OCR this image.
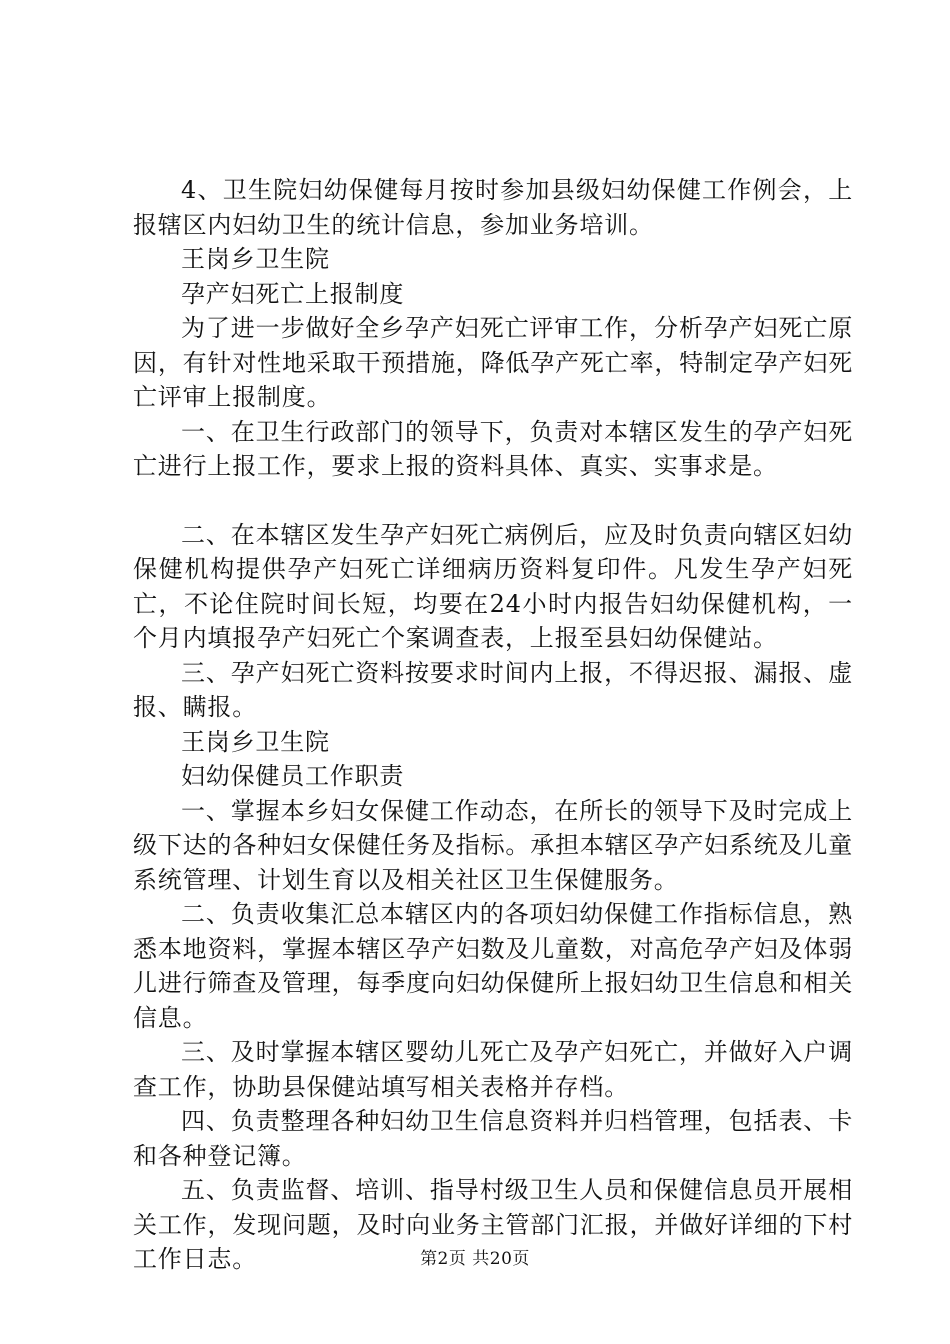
4、卫生院妇幼保健每月按时参加县级妇幼保健工作例会，上报辖区内妇幼卫生的统计信息，参加业务培训。

王岗乡卫生院

孕产妇死亡上报制度

为了进一步做好全乡孕产妇死亡评审工作，分析孕产妇死亡原因，有针对性地采取干预措施，降低孕产死亡率，特制定孕产妇死亡评审上报制度。

一、在卫生行政部门的领导下，负责对本辖区发生的孕产妇死亡进行上报工作，要求上报的资料具体、真实、实事求是。

二、在本辖区发生孕产妇死亡病例后，应及时负责向辖区妇幼保健机构提供孕产妇死亡详细病历资料复印件。凡发生孕产妇死亡，不论住院时间长短，均要在24小时内报告妇幼保健机构，一个月内填报孕产妇死亡个案调查表，上报至县妇幼保健站。

三、孕产妇死亡资料按要求时间内上报，不得迟报、漏报、虚报、瞒报。

王岗乡卫生院

妇幼保健员工作职责

一、掌握本乡妇女保健工作动态，在所长的领导下及时完成上级下达的各种妇女保健任务及指标。承担本辖区孕产妇系统及儿童系统管理、计划生育以及相关社区卫生保健服务。

二、负责收集汇总本辖区内的各项妇幼保健工作指标信息，熟悉本地资料，掌握本辖区孕产妇数及儿童数，对高危孕产妇及体弱儿进行筛查及管理，每季度向妇幼保健所上报妇幼卫生信息和相关信息。

三、及时掌握本辖区婴幼儿死亡及孕产妇死亡，并做好入户调查工作，协助县保健站填写相关表格并存档。

四、负责整理各种妇幼卫生信息资料并归档管理，包括表、卡和各种登记簿。

五、负责监督、培训、指导村级卫生人员和保健信息员开展相关工作，发现问题，及时向业务主管部门汇报，并做好详细的下村工作日志。	第2页 共20页
